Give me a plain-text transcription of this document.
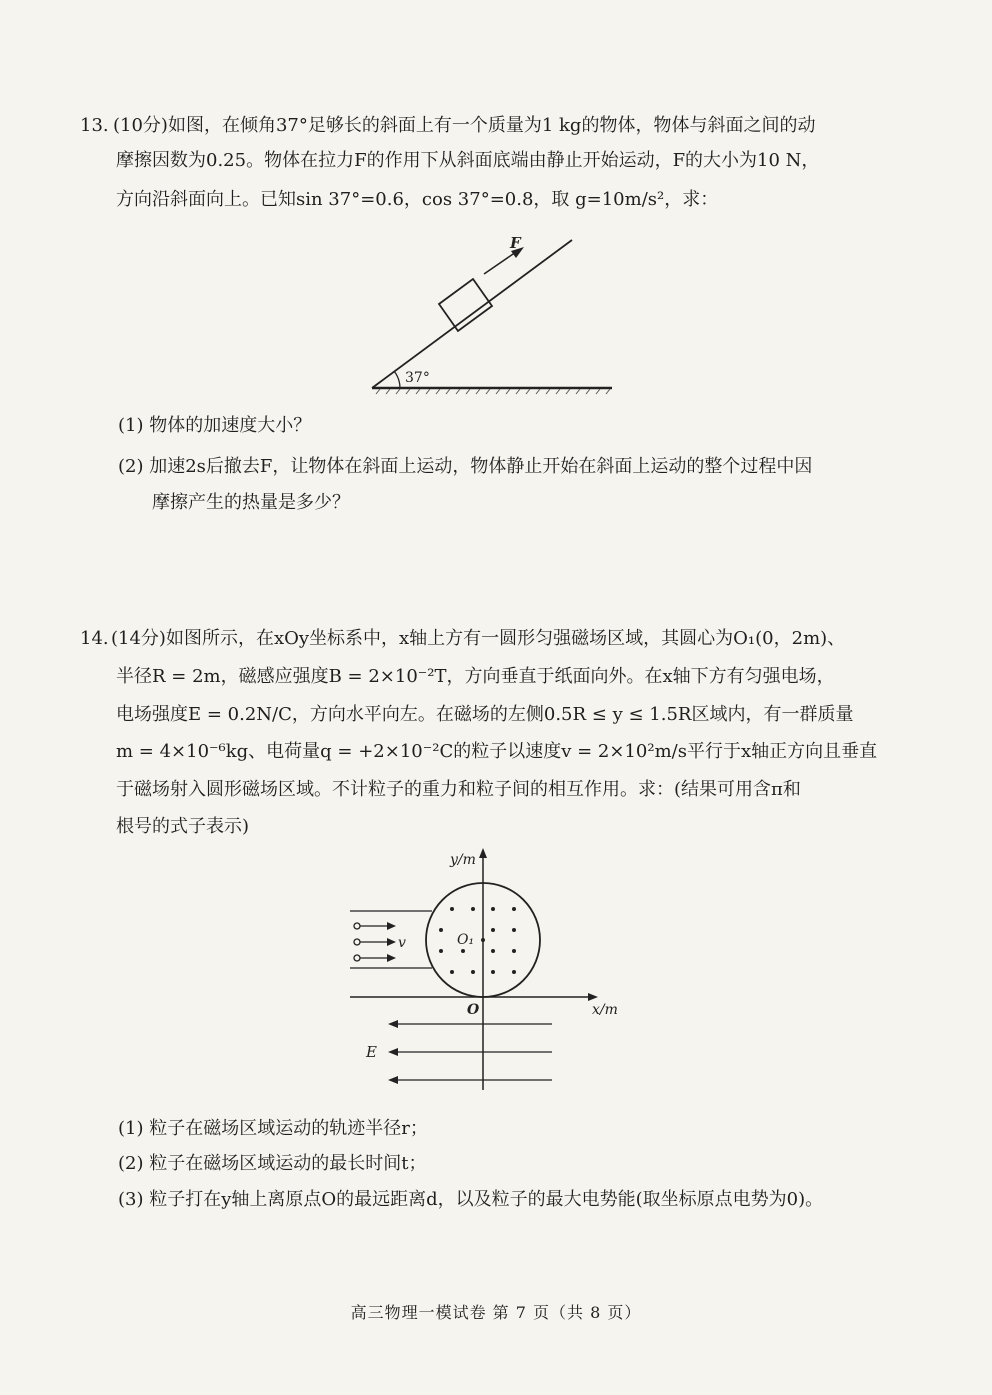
13. (10分)如图，在倾角37°足够长的斜面上有一个质量为1 kg的物体，物体与斜面之间的动
摩擦因数为0.25。物体在拉力F的作用下从斜面底端由静止开始运动，F的大小为10 N，
方向沿斜面向上。已知sin 37°=0.6，cos 37°=0.8，取 g=10m/s²，求：
F
37°
(1) 物体的加速度大小？
(2) 加速2s后撤去F，让物体在斜面上运动，物体静止开始在斜面上运动的整个过程中因
摩擦产生的热量是多少？
14. (14分)如图所示，在xOy坐标系中，x轴上方有一圆形匀强磁场区域，其圆心为O₁(0，2m)、
半径R = 2m，磁感应强度B = 2×10⁻²T，方向垂直于纸面向外。在x轴下方有匀强电场，
电场强度E = 0.2N/C，方向水平向左。在磁场的左侧0.5R ≤ y ≤ 1.5R区域内，有一群质量
m = 4×10⁻⁶kg、电荷量q = +2×10⁻²C的粒子以速度v = 2×10²m/s平行于x轴正方向且垂直
于磁场射入圆形磁场区域。不计粒子的重力和粒子间的相互作用。求：(结果可用含π和
根号的式子表示)
y/m
x/m
O
O₁
v
E
(1) 粒子在磁场区域运动的轨迹半径r；
(2) 粒子在磁场区域运动的最长时间t；
(3) 粒子打在y轴上离原点O的最远距离d，以及粒子的最大电势能(取坐标原点电势为0)。
高三物理一模试卷 第 7 页（共 8 页）
